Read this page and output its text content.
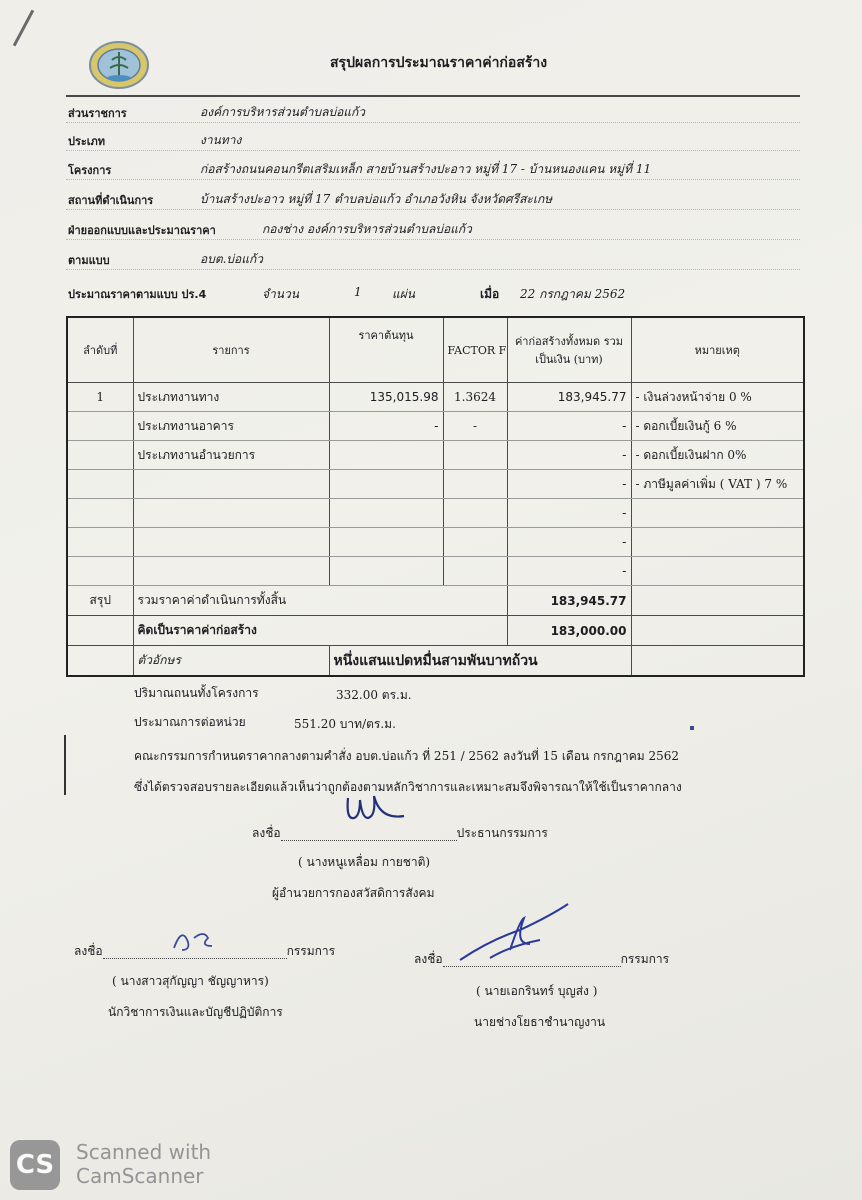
สรุปผลการประมาณราคาค่าก่อสร้าง
ส่วนราชการ	องค์การบริหารส่วนตำบลบ่อแก้ว
ประเภท	งานทาง
โครงการ	ก่อสร้างถนนคอนกรีตเสริมเหล็ก สายบ้านสร้างปะอาว หมู่ที่ 17 - บ้านหนองแคน หมู่ที่ 11
สถานที่ดำเนินการ	บ้านสร้างปะอาว หมู่ที่ 17 ตำบลบ่อแก้ว อำเภอวังหิน จังหวัดศรีสะเกษ
ฝ่ายออกแบบและประมาณราคา	กองช่าง องค์การบริหารส่วนตำบลบ่อแก้ว
ตามแบบ	อบต.บ่อแก้ว
ประมาณราคาตามแบบ ปร.4	จำนวน	1	แผ่น	เมื่อ 22 กรกฎาคม 2562
ลำดับที่	รายการ	ราคาต้นทุน	FACTOR F	ค่าก่อสร้างทั้งหมด รวมเป็นเงิน (บาท)	หมายเหตุ
1	ประเภทงานทาง	135,015.98	1.3624	183,945.77	- เงินล่วงหน้าจ่าย 0 %
	ประเภทงานอาคาร	-	-	-	- ดอกเบี้ยเงินกู้ 6 %
	ประเภทงานอำนวยการ			-	- ดอกเบี้ยเงินฝาก 0%
				-	- ภาษีมูลค่าเพิ่ม ( VAT ) 7 %
				-	
				-	
				-	
สรุป	รวมราคาค่าดำเนินการทั้งสิ้น			183,945.77	
	คิดเป็นราคาค่าก่อสร้าง			183,000.00	
	ตัวอักษร	หนึ่งแสนแปดหมื่นสามพันบาทถ้วน			
ปริมาณถนนทั้งโครงการ	332.00 ตร.ม.
ประมาณการต่อหน่วย	551.20 บาท/ตร.ม.
คณะกรรมการกำหนดราคากลางตามคำสั่ง อบต.บ่อแก้ว ที่ 251 / 2562 ลงวันที่ 15 เดือน กรกฎาคม 2562
ซึ่งได้ตรวจสอบรายละเอียดแล้วเห็นว่าถูกต้องตามหลักวิชาการและเหมาะสมจึงพิจารณาให้ใช้เป็นราคากลาง
ลงชื่อ	ประธานกรรมการ
( นางหนูเหลื่อม กายชาติ)
ผู้อำนวยการกองสวัสดิการสังคม
ลงชื่อ	กรรมการ
( นางสาวสุกัญญา ชัญญาหาร)
นักวิชาการเงินและบัญชีปฏิบัติการ
ลงชื่อ	กรรมการ
( นายเอกรินทร์ บุญส่ง )
นายช่างโยธาชำนาญงาน
CS Scanned with
CamScanner
